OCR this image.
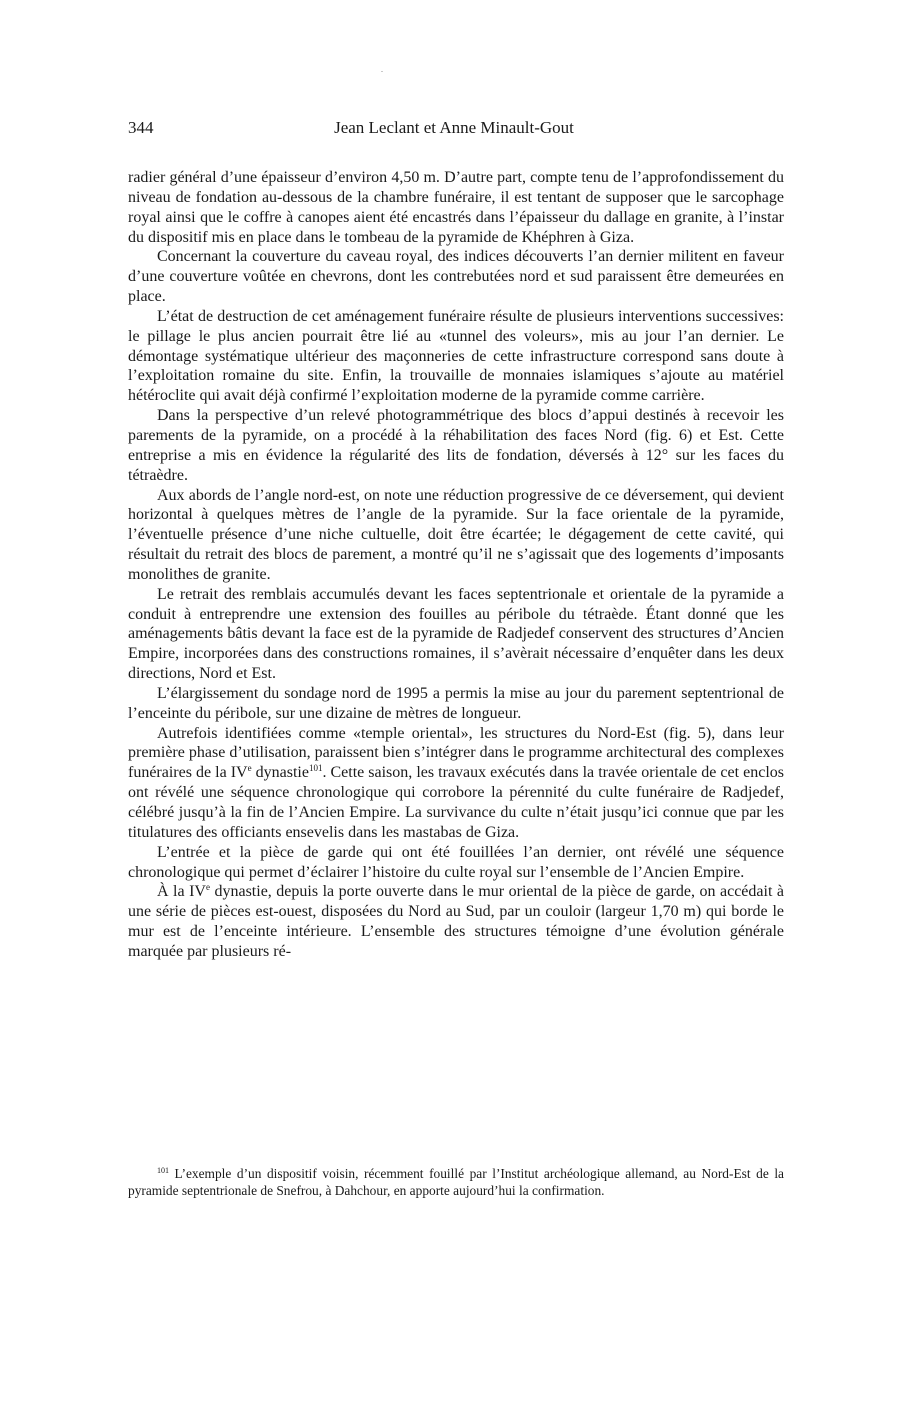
344	Jean Leclant et Anne Minault-Gout

radier général d’une épaisseur d’environ 4,50 m. D’autre part, compte tenu de l’approfondissement du niveau de fondation au-dessous de la chambre funéraire, il est tentant de supposer que le sarcophage royal ainsi que le coffre à canopes aient été encastrés dans l’épaisseur du dallage en granite, à l’instar du dispositif mis en place dans le tombeau de la pyramide de Khéphren à Giza.

Concernant la couverture du caveau royal, des indices découverts l’an dernier militent en faveur d’une couverture voûtée en chevrons, dont les contrebutées nord et sud paraissent être demeurées en place.

L’état de destruction de cet aménagement funéraire résulte de plusieurs interventions successives: le pillage le plus ancien pourrait être lié au «tunnel des voleurs», mis au jour l’an dernier. Le démontage systématique ultérieur des maçonneries de cette infrastructure correspond sans doute à l’exploitation romaine du site. Enfin, la trouvaille de monnaies islamiques s’ajoute au matériel hétéroclite qui avait déjà confirmé l’exploitation moderne de la pyramide comme carrière.

Dans la perspective d’un relevé photogrammétrique des blocs d’appui destinés à recevoir les parements de la pyramide, on a procédé à la réhabilitation des faces Nord (fig. 6) et Est. Cette entreprise a mis en évidence la régularité des lits de fondation, déversés à 12° sur les faces du tétraèdre.

Aux abords de l’angle nord-est, on note une réduction progressive de ce déversement, qui devient horizontal à quelques mètres de l’angle de la pyramide. Sur la face orientale de la pyramide, l’éventuelle présence d’une niche cultuelle, doit être écartée; le dégagement de cette cavité, qui résultait du retrait des blocs de parement, a montré qu’il ne s’agissait que des logements d’imposants monolithes de granite.

Le retrait des remblais accumulés devant les faces septentrionale et orientale de la pyramide a conduit à entreprendre une extension des fouilles au péribole du tétraède. Étant donné que les aménagements bâtis devant la face est de la pyramide de Radjedef conservent des structures d’Ancien Empire, incorporées dans des constructions romaines, il s’avèrait nécessaire d’enquêter dans les deux directions, Nord et Est.

L’élargissement du sondage nord de 1995 a permis la mise au jour du parement septentrional de l’enceinte du péribole, sur une dizaine de mètres de longueur.

Autrefois identifiées comme «temple oriental», les structures du Nord-Est (fig. 5), dans leur première phase d’utilisation, paraissent bien s’intégrer dans le programme architectural des complexes funéraires de la IVe dynastie$^{101}$. Cette saison, les travaux exécutés dans la travée orientale de cet enclos ont révélé une séquence chronologique qui corrobore la pérennité du culte funéraire de Radjedef, célébré jusqu’à la fin de l’Ancien Empire. La survivance du culte n’était jusqu’ici connue que par les titulatures des officiants ensevelis dans les mastabas de Giza.

L’entrée et la pièce de garde qui ont été fouillées l’an dernier, ont révélé une séquence chronologique qui permet d’éclairer l’histoire du culte royal sur l’ensemble de l’Ancien Empire.

À la IVe dynastie, depuis la porte ouverte dans le mur oriental de la pièce de garde, on accédait à une série de pièces est-ouest, disposées du Nord au Sud, par un couloir (largeur 1,70 m) qui borde le mur est de l’enceinte intérieure. L’ensemble des structures témoigne d’une évolution générale marquée par plusieurs ré-

$^{101}$ L’exemple d’un dispositif voisin, récemment fouillé par l’Institut archéologique allemand, au Nord-Est de la pyramide septentrionale de Snefrou, à Dahchour, en apporte aujourd’hui la confirmation.
